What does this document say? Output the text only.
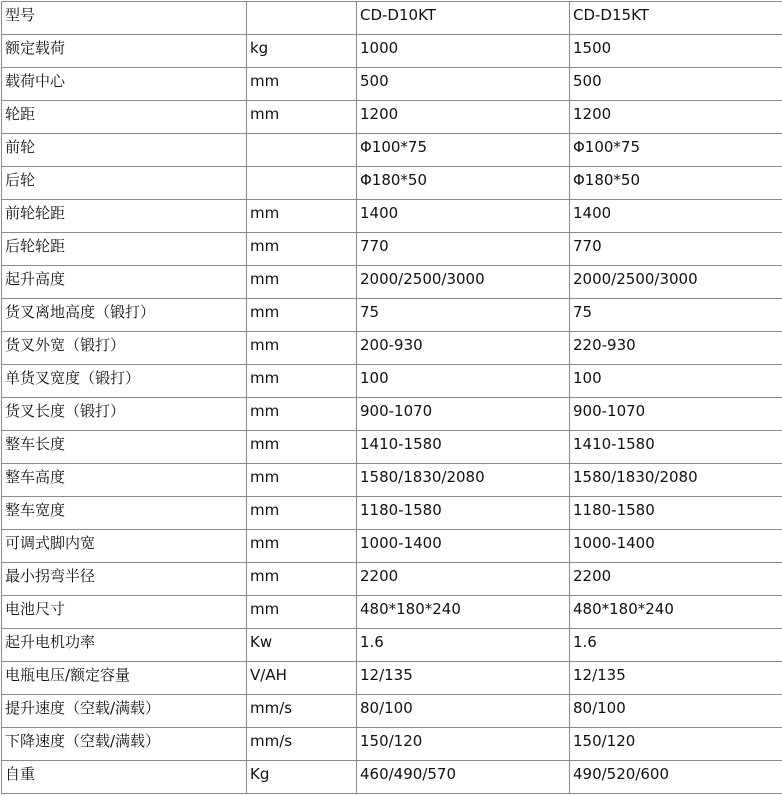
型号		CD-D10KT	CD-D15KT
额定载荷	kg	1000	1500
载荷中心	mm	500	500
轮距	mm	1200	1200
前轮		Φ100*75	Φ100*75
后轮		Φ180*50	Φ180*50
前轮轮距	mm	1400	1400
后轮轮距	mm	770	770
起升高度	mm	2000/2500/3000	2000/2500/3000
货叉离地高度（锻打）	mm	75	75
货叉外宽（锻打）	mm	200-930	220-930
单货叉宽度（锻打）	mm	100	100
货叉长度（锻打）	mm	900-1070	900-1070
整车长度	mm	1410-1580	1410-1580
整车高度	mm	1580/1830/2080	1580/1830/2080
整车宽度	mm	1180-1580	1180-1580
可调式脚内宽	mm	1000-1400	1000-1400
最小拐弯半径	mm	2200	2200
电池尺寸	mm	480*180*240	480*180*240
起升电机功率	Kw	1.6	1.6
电瓶电压/额定容量	V/AH	12/135	12/135
提升速度（空载/满载）	mm/s	80/100	80/100
下降速度（空载/满载）	mm/s	150/120	150/120
自重	Kg	460/490/570	490/520/600
